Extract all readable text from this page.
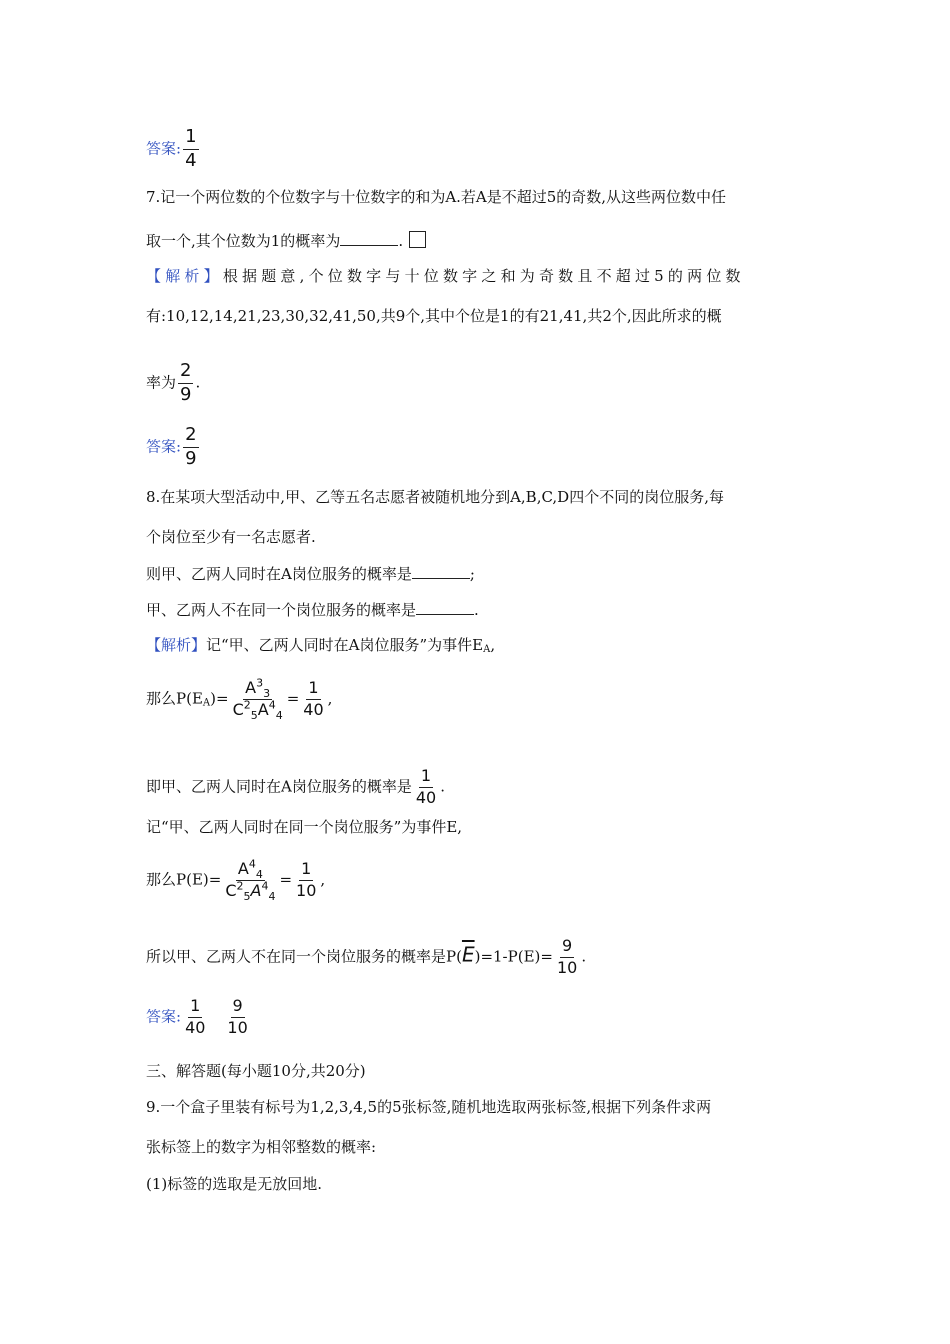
答案: $\frac{1}{4}$
7.记一个两位数的个位数字与十位数字的和为A.若A是不超过5的奇数,从这些两位数中任
取一个,其个位数为1的概率为	.
【解析】根据题意,个位数字与十位数字之和为奇数且不超过5的两位数
有:10,12,14,21,23,30,32,41,50,共9个,其中个位是1的有21,41,共2个,因此所求的概
率为 $\frac{2}{9}$ .
答案: $\frac{2}{9}$
8.在某项大型活动中,甲、乙等五名志愿者被随机地分到A,B,C,D四个不同的岗位服务,每
个岗位至少有一名志愿者.
则甲、乙两人同时在A岗位服务的概率是	;
甲、乙两人不在同一个岗位服务的概率是	.
【解析】记“甲、乙两人同时在A岗位服务”为事件$E_A$,
那么$P(E_A)= \frac{A^3_3}{C^2_5A^4_4} = \frac{1}{40}$ ,
即甲、乙两人同时在A岗位服务的概率是 $\frac{1}{40}$ .
记“甲、乙两人同时在同一个岗位服务”为事件E,
那么$P(E)= \frac{A^4_4}{C^2_5A^4_4} = \frac{1}{10}$ ,
所以甲、乙两人不在同一个岗位服务的概率是$P(\overline{E})=1-P(E)= \frac{9}{10}$ .
答案: $\frac{1}{40} \frac{9}{10}$
三、解答题(每小题10分,共20分)
9.一个盒子里装有标号为1,2,3,4,5的5张标签,随机地选取两张标签,根据下列条件求两
张标签上的数字为相邻整数的概率:
(1)标签的选取是无放回地.
